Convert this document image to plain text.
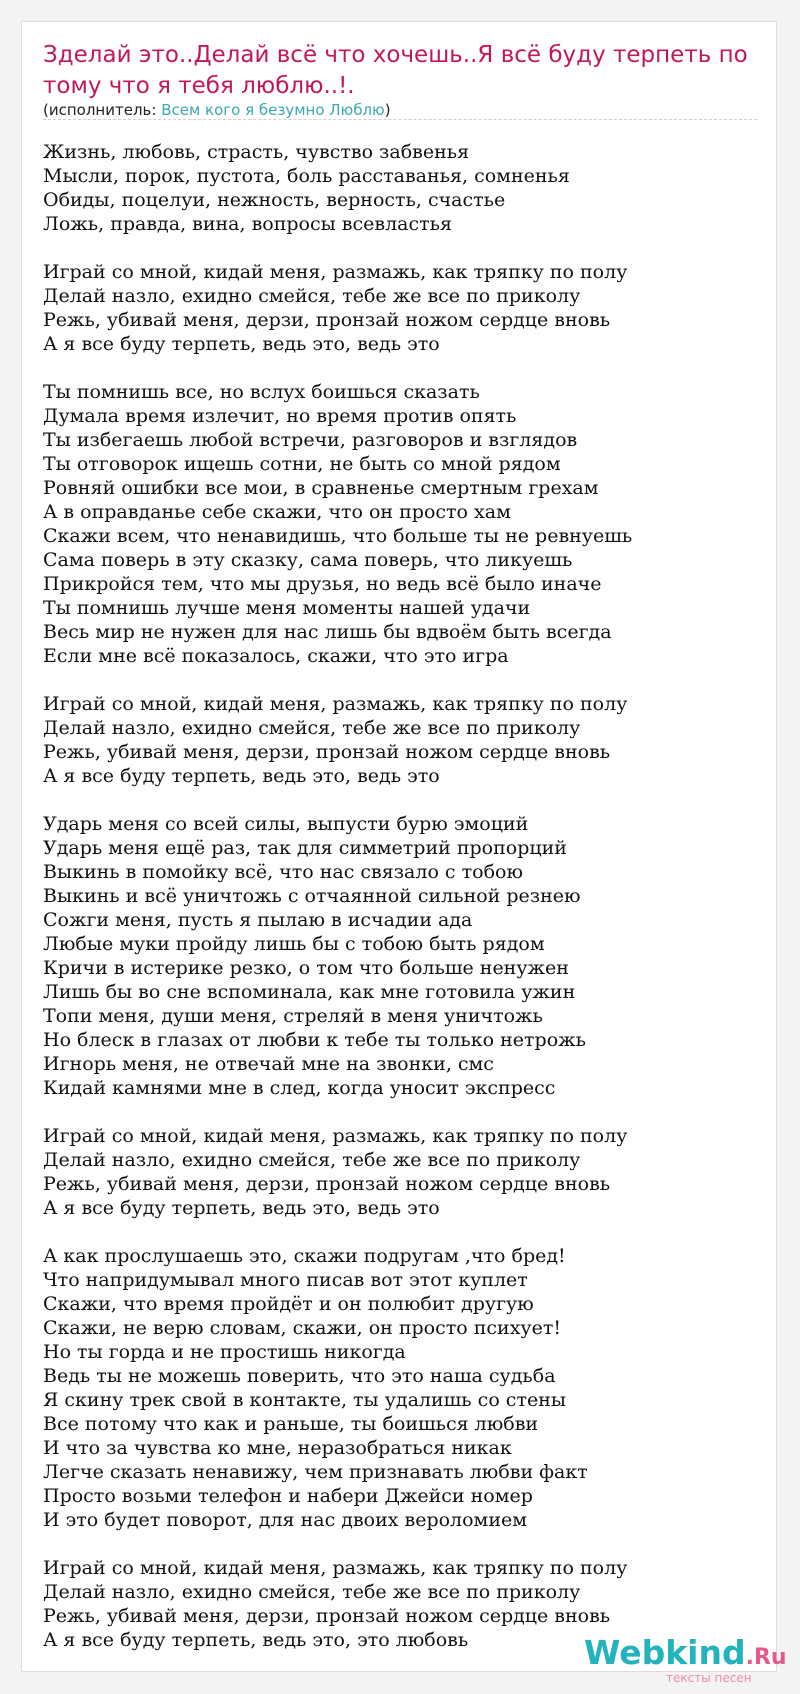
Зделай это..Делай всё что хочешь..Я всё буду терпеть по тому что я тебя люблю..!.
(исполнитель: Всем кого я безумно Люблю)
Жизнь, любовь, страсть, чувство забвенья
Мысли, порок, пустота, боль расставанья, сомненья
Обиды, поцелуи, нежность, верность, счастье
Ложь, правда, вина, вопросы всевластья
Играй со мной, кидай меня, размажь, как тряпку по полу
Делай назло, ехидно смейся, тебе же все по приколу
Режь, убивай меня, дерзи, пронзай ножом сердце вновь
А я все буду терпеть, ведь это, ведь это
Ты помнишь все, но вслух боишься сказать
Думала время излечит, но время против опять
Ты избегаешь любой встречи, разговоров и взглядов
Ты отговорок ищешь сотни, не быть со мной рядом
Ровняй ошибки все мои, в сравненье смертным грехам
А в оправданье себе скажи, что он просто хам
Скажи всем, что ненавидишь, что больше ты не ревнуешь
Сама поверь в эту сказку, сама поверь, что ликуешь
Прикройся тем, что мы друзья, но ведь всё было иначе
Ты помнишь лучше меня моменты нашей удачи
Весь мир не нужен для нас лишь бы вдвоём быть всегда
Если мне всё показалось, скажи, что это игра
Играй со мной, кидай меня, размажь, как тряпку по полу
Делай назло, ехидно смейся, тебе же все по приколу
Режь, убивай меня, дерзи, пронзай ножом сердце вновь
А я все буду терпеть, ведь это, ведь это
Ударь меня со всей силы, выпусти бурю эмоций
Ударь меня ещё раз, так для симметрий пропорций
Выкинь в помойку всё, что нас связало с тобою
Выкинь и всё уничтожь с отчаянной сильной резнею
Сожги меня, пусть я пылаю в исчадии ада
Любые муки пройду лишь бы с тобою быть рядом
Кричи в истерике резко, о том что больше ненужен
Лишь бы во сне вспоминала, как мне готовила ужин
Топи меня, души меня, стреляй в меня уничтожь
Но блеск в глазах от любви к тебе ты только нетрожь
Игнорь меня, не отвечай мне на звонки, смс
Кидай камнями мне в след, когда уносит экспресс
Играй со мной, кидай меня, размажь, как тряпку по полу
Делай назло, ехидно смейся, тебе же все по приколу
Режь, убивай меня, дерзи, пронзай ножом сердце вновь
А я все буду терпеть, ведь это, ведь это
А как прослушаешь это, скажи подругам ,что бред!
Что напридумывал много писав вот этот куплет
Скажи, что время пройдёт и он полюбит другую
Скажи, не верю словам, скажи, он просто психует!
Но ты горда и не простишь никогда
Ведь ты не можешь поверить, что это наша судьба
Я скину трек свой в контакте, ты удалишь со стены
Все потому что как и раньше, ты боишься любви
И что за чувства ко мне, неразобраться никак
Легче сказать ненавижу, чем признавать любви факт
Просто возьми телефон и набери Джейси номер
И это будет поворот, для нас двоих вероломием
Играй со мной, кидай меня, размажь, как тряпку по полу
Делай назло, ехидно смейся, тебе же все по приколу
Режь, убивай меня, дерзи, пронзай ножом сердце вновь
А я все буду терпеть, ведь это, это любовь	Webkind.Ru
тексты песен
